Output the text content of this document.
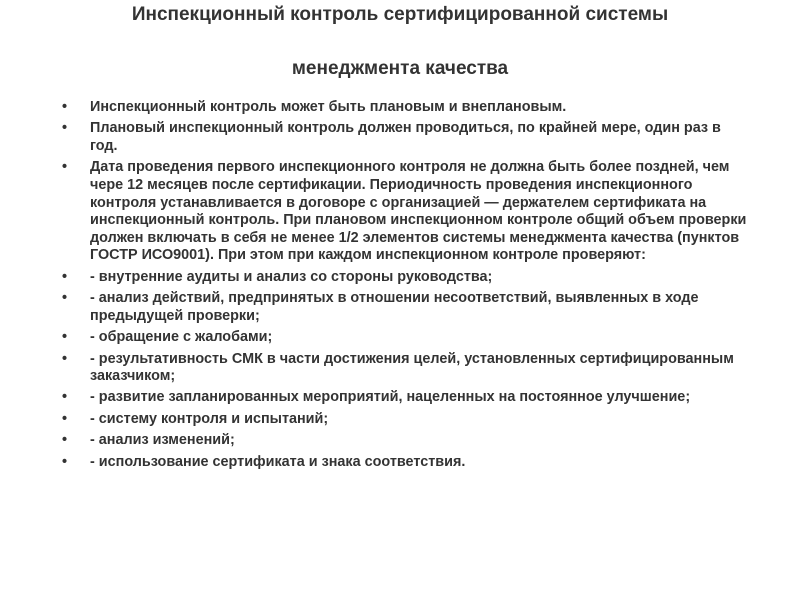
Инспекционный контроль сертифицированной системы
менеджмента качества
• Инспекционный контроль может быть плановым и внеплановым.
• Плановый инспекционный контроль должен проводиться, по крайней мере, один раз в год.
• Дата проведения первого инспекционного контроля не должна быть более поздней, чем чере 12 месяцев после сертификации. Периодичность проведения инспекционного контроля устанавливается в договоре с организацией — держателем сертификата на инспекционный контроль. При плановом инспекционном контроле общий объем проверки должен включать в себя не менее 1/2 элементов системы менеджмента качества (пунктов ГОСТР ИСО9001). При этом при каждом инспекционном контроле проверяют:
• - внутренние аудиты и анализ со стороны руководства;
• - анализ действий, предпринятых в отношении несоответствий, выявленных в ходе предыдущей проверки;
• - обращение с жалобами;
• - результативность СМК в части достижения целей, установленных сертифицированным заказчиком;
• - развитие запланированных мероприятий, нацеленных на постоянное улучшение;
• - систему контроля и испытаний;
• - анализ изменений;
• - использование сертификата и знака соответствия.
